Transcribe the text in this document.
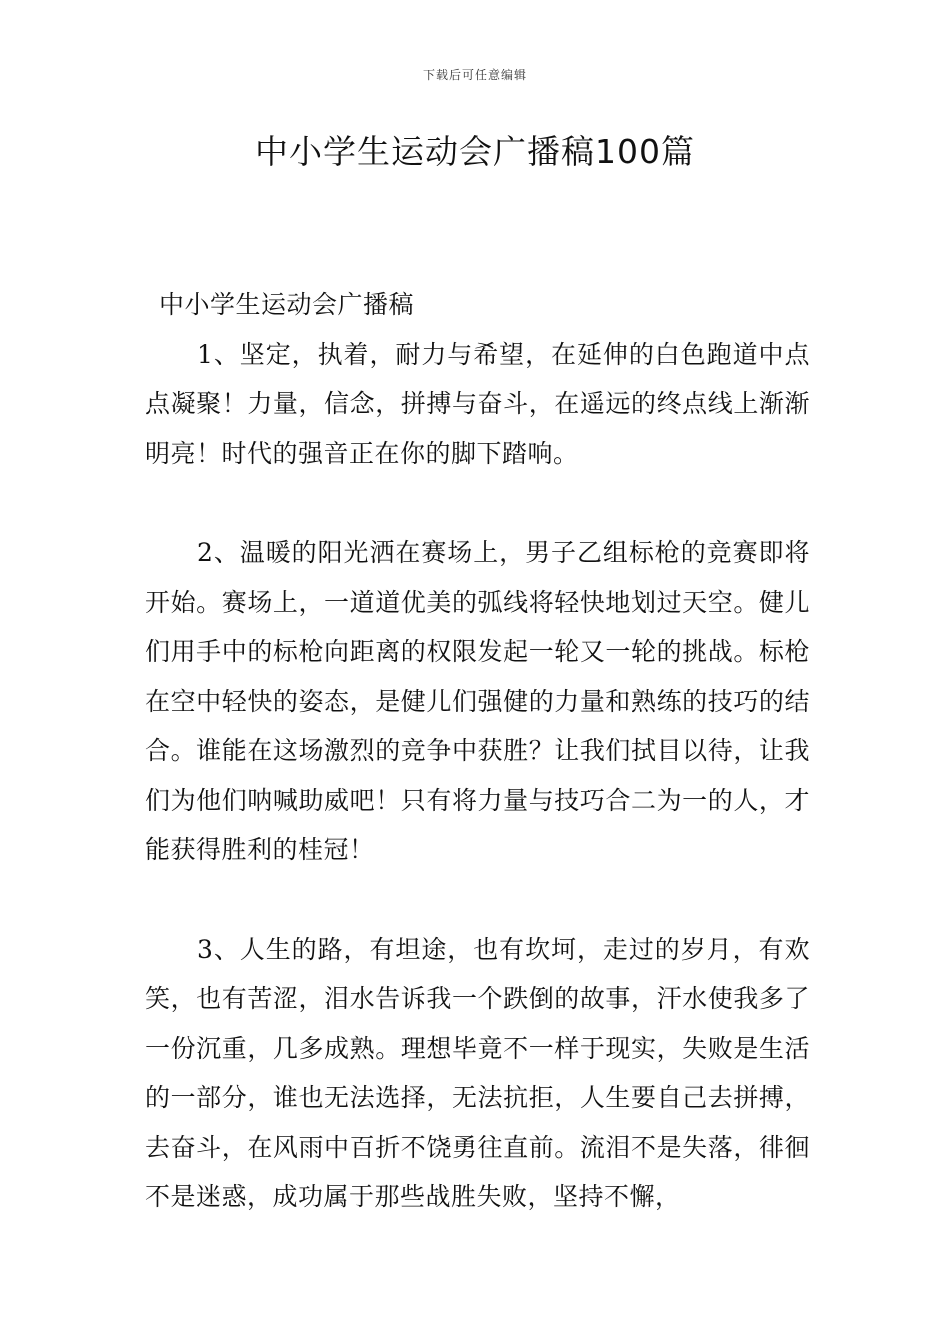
下载后可任意编辑
中小学生运动会广播稿100篇

中小学生运动会广播稿

1、坚定，执着，耐力与希望，在延伸的白色跑道中点点凝聚！力量，信念，拼搏与奋斗，在遥远的终点线上渐渐明亮！时代的强音正在你的脚下踏响。

2、温暖的阳光洒在赛场上，男子乙组标枪的竞赛即将开始。赛场上，一道道优美的弧线将轻快地划过天空。健儿们用手中的标枪向距离的权限发起一轮又一轮的挑战。标枪在空中轻快的姿态，是健儿们强健的力量和熟练的技巧的结合。谁能在这场激烈的竞争中获胜？让我们拭目以待，让我们为他们呐喊助威吧！只有将力量与技巧合二为一的人，才能获得胜利的桂冠！

3、人生的路，有坦途，也有坎坷，走过的岁月，有欢笑，也有苦涩，泪水告诉我一个跌倒的故事，汗水使我多了一份沉重，几多成熟。理想毕竟不一样于现实，失败是生活的一部分，谁也无法选择，无法抗拒，人生要自己去拼搏，去奋斗，在风雨中百折不饶勇往直前。流泪不是失落，徘徊不是迷惑，成功属于那些战胜失败，坚持不懈，
